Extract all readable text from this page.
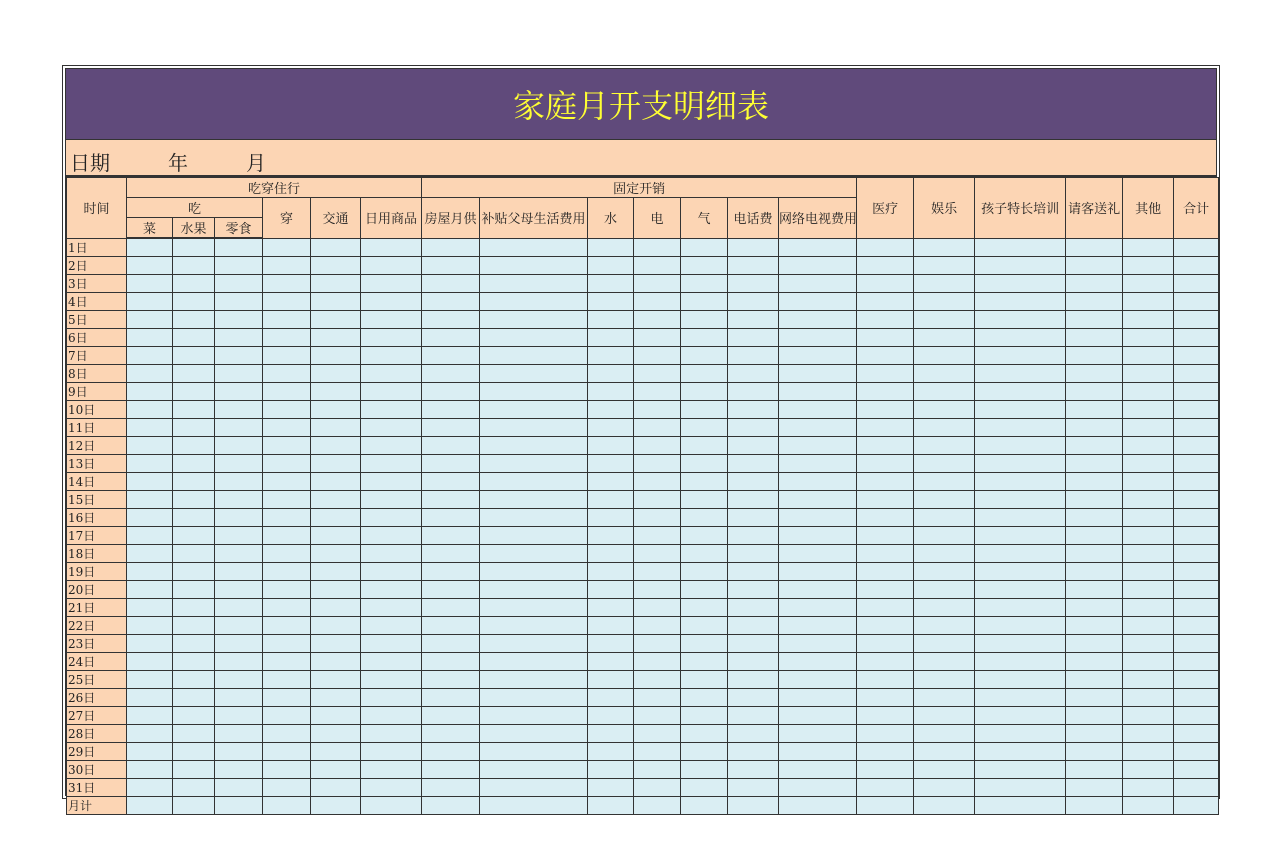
家庭月开支明细表
日期	年	月
时间	吃穿住行						固定开销							医疗	娱乐	孩子特长培训	请客送礼	其他	合计
	吃			穿	交通	日用商品	房屋月供	补贴父母生活费用	水	电	气	电话费	网络电视费用						
	菜	水果	零食																
1日																			
2日																			
3日																			
4日																			
5日																			
6日																			
7日																			
8日																			
9日																			
10日																			
11日																			
12日																			
13日																			
14日																			
15日																			
16日																			
17日																			
18日																			
19日																			
20日																			
21日																			
22日																			
23日																			
24日																			
25日																			
26日																			
27日																			
28日																			
29日																			
30日																			
31日																			
月计																			
